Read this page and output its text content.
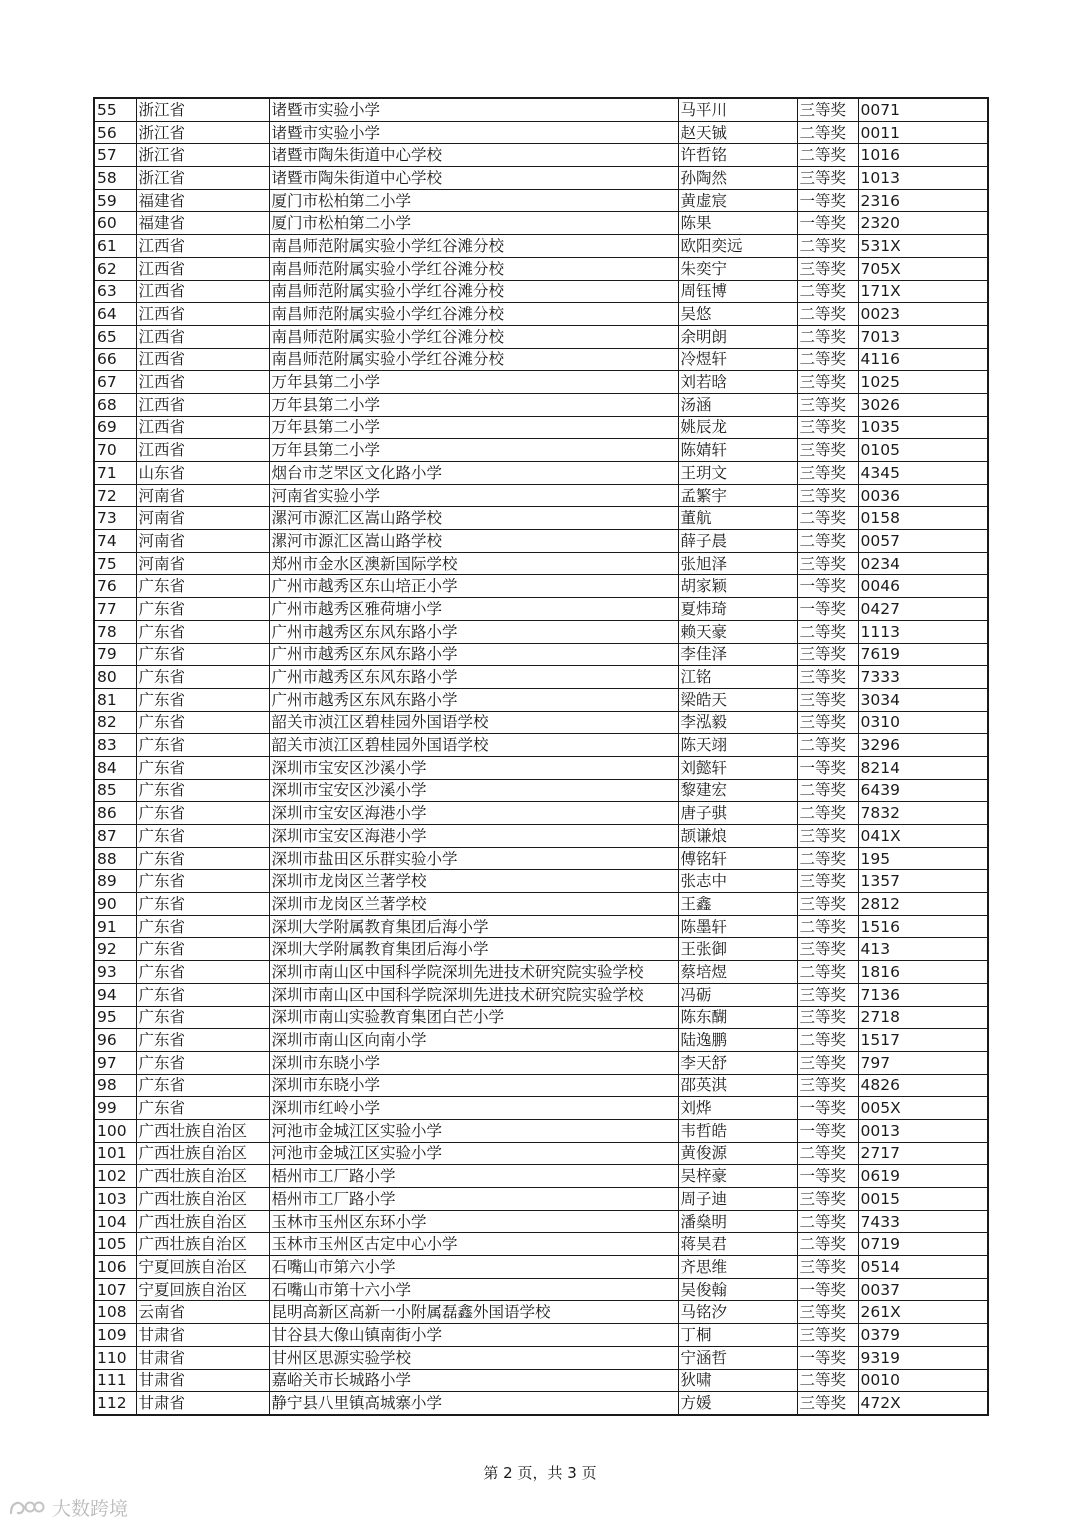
55	浙江省	诸暨市实验小学	马平川	三等奖	0071
56	浙江省	诸暨市实验小学	赵天铖	二等奖	0011
57	浙江省	诸暨市陶朱街道中心学校	许哲铭	二等奖	1016
58	浙江省	诸暨市陶朱街道中心学校	孙陶然	三等奖	1013
59	福建省	厦门市松柏第二小学	黄虚宸	一等奖	2316
60	福建省	厦门市松柏第二小学	陈果	一等奖	2320
61	江西省	南昌师范附属实验小学红谷滩分校	欧阳奕远	二等奖	531X
62	江西省	南昌师范附属实验小学红谷滩分校	朱奕宁	三等奖	705X
63	江西省	南昌师范附属实验小学红谷滩分校	周钰博	二等奖	171X
64	江西省	南昌师范附属实验小学红谷滩分校	吴悠	二等奖	0023
65	江西省	南昌师范附属实验小学红谷滩分校	余明朗	二等奖	7013
66	江西省	南昌师范附属实验小学红谷滩分校	冷煜轩	二等奖	4116
67	江西省	万年县第二小学	刘若晗	三等奖	1025
68	江西省	万年县第二小学	汤涵	三等奖	3026
69	江西省	万年县第二小学	姚辰龙	三等奖	1035
70	江西省	万年县第二小学	陈婧轩	三等奖	0105
71	山东省	烟台市芝罘区文化路小学	王玥文	三等奖	4345
72	河南省	河南省实验小学	孟繁宇	三等奖	0036
73	河南省	漯河市源汇区嵩山路学校	董航	二等奖	0158
74	河南省	漯河市源汇区嵩山路学校	薛子晨	二等奖	0057
75	河南省	郑州市金水区澳新国际学校	张旭泽	三等奖	0234
76	广东省	广州市越秀区东山培正小学	胡家颖	一等奖	0046
77	广东省	广州市越秀区雅荷塘小学	夏炜琦	一等奖	0427
78	广东省	广州市越秀区东风东路小学	赖天豪	二等奖	1113
79	广东省	广州市越秀区东风东路小学	李佳泽	三等奖	7619
80	广东省	广州市越秀区东风东路小学	江铭	三等奖	7333
81	广东省	广州市越秀区东风东路小学	梁皓天	三等奖	3034
82	广东省	韶关市浈江区碧桂园外国语学校	李泓毅	三等奖	0310
83	广东省	韶关市浈江区碧桂园外国语学校	陈天翊	二等奖	3296
84	广东省	深圳市宝安区沙溪小学	刘懿轩	一等奖	8214
85	广东省	深圳市宝安区沙溪小学	黎建宏	二等奖	6439
86	广东省	深圳市宝安区海港小学	唐子骐	二等奖	7832
87	广东省	深圳市宝安区海港小学	颉谦烺	三等奖	041X
88	广东省	深圳市盐田区乐群实验小学	傅铭轩	二等奖	195
89	广东省	深圳市龙岗区兰著学校	张志中	三等奖	1357
90	广东省	深圳市龙岗区兰著学校	王鑫	三等奖	2812
91	广东省	深圳大学附属教育集团后海小学	陈墨轩	二等奖	1516
92	广东省	深圳大学附属教育集团后海小学	王张御	三等奖	413
93	广东省	深圳市南山区中国科学院深圳先进技术研究院实验学校	蔡培煜	二等奖	1816
94	广东省	深圳市南山区中国科学院深圳先进技术研究院实验学校	冯砺	三等奖	7136
95	广东省	深圳市南山实验教育集团白芒小学	陈东醐	三等奖	2718
96	广东省	深圳市南山区向南小学	陆逸鹏	二等奖	1517
97	广东省	深圳市东晓小学	李天舒	三等奖	797
98	广东省	深圳市东晓小学	邵英淇	三等奖	4826
99	广东省	深圳市红岭小学	刘烨	一等奖	005X
100	广西壮族自治区	河池市金城江区实验小学	韦哲皓	一等奖	0013
101	广西壮族自治区	河池市金城江区实验小学	黄俊源	二等奖	2717
102	广西壮族自治区	梧州市工厂路小学	吴梓豪	一等奖	0619
103	广西壮族自治区	梧州市工厂路小学	周子迪	三等奖	0015
104	广西壮族自治区	玉林市玉州区东环小学	潘燊明	二等奖	7433
105	广西壮族自治区	玉林市玉州区古定中心小学	蒋昊君	二等奖	0719
106	宁夏回族自治区	石嘴山市第六小学	齐思维	三等奖	0514
107	宁夏回族自治区	石嘴山市第十六小学	吴俊翰	一等奖	0037
108	云南省	昆明高新区高新一小附属磊鑫外国语学校	马铭汐	三等奖	261X
109	甘肃省	甘谷县大像山镇南街小学	丁桐	三等奖	0379
110	甘肃省	甘州区思源实验学校	宁涵哲	一等奖	9319
111	甘肃省	嘉峪关市长城路小学	狄啸	二等奖	0010
112	甘肃省	静宁县八里镇高城寨小学	方媛	三等奖	472X
第 2 页，共 3 页
大数跨境
